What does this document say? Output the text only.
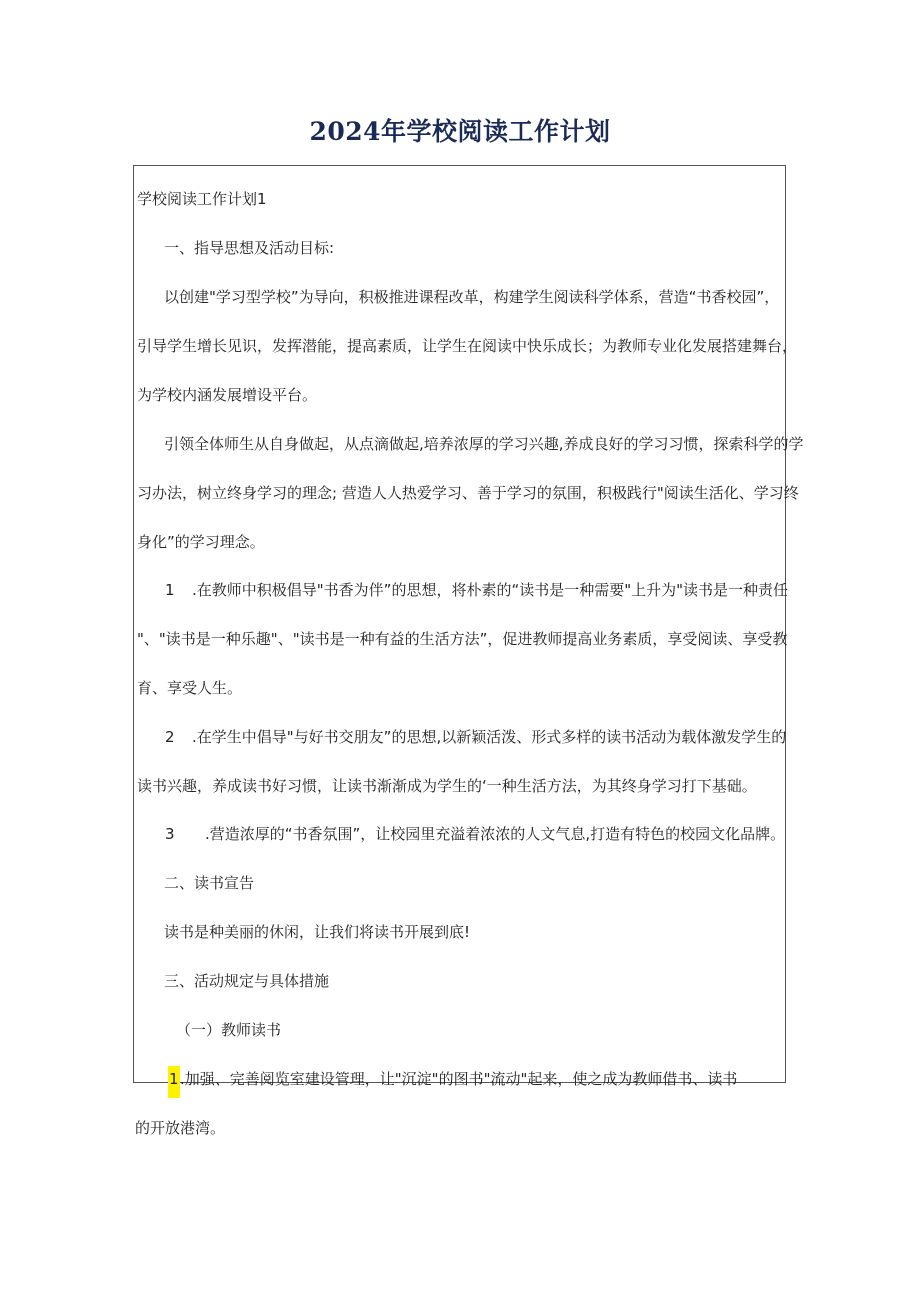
2024年学校阅读工作计划
学校阅读工作计划1
一、指导思想及活动目标:
以创建"学习型学校”为导向，积极推进课程改革，构建学生阅读科学体系，营造“书香校园”，
引导学生增长见识，发挥潜能，提高素质，让学生在阅读中快乐成长；为教师专业化发展搭建舞台，
为学校内涵发展增设平台。
引领全体师生从自身做起，从点滴做起,培养浓厚的学习兴趣,养成良好的学习习惯，探索科学的学
习办法，树立终身学习的理念; 营造人人热爱学习、善于学习的氛围，积极践行"阅读生活化、学习终
身化”的学习理念。
1 .在教师中积极倡导"书香为伴”的思想，将朴素的“读书是一种需要"上升为"读书是一种责任
"、"读书是一种乐趣"、"读书是一种有益的生活方法”，促进教师提高业务素质，享受阅读、享受教
育、享受人生。
2 .在学生中倡导"与好书交朋友”的思想,以新颖活泼、形式多样的读书活动为载体激发学生的
读书兴趣，养成读书好习惯，让读书渐渐成为学生的‘一种生活方法，为其终身学习打下基础。
3 .营造浓厚的“书香氛围”，让校园里充溢着浓浓的人文气息,打造有特色的校园文化品牌。
二、读书宣告
读书是种美丽的休闲，让我们将读书开展到底!
三、活动规定与具体措施
（一）教师读书
1 .加强、完善阅览室建设管理，让"沉淀"的图书"流动"起来，使之成为教师借书、读书
的开放港湾。
